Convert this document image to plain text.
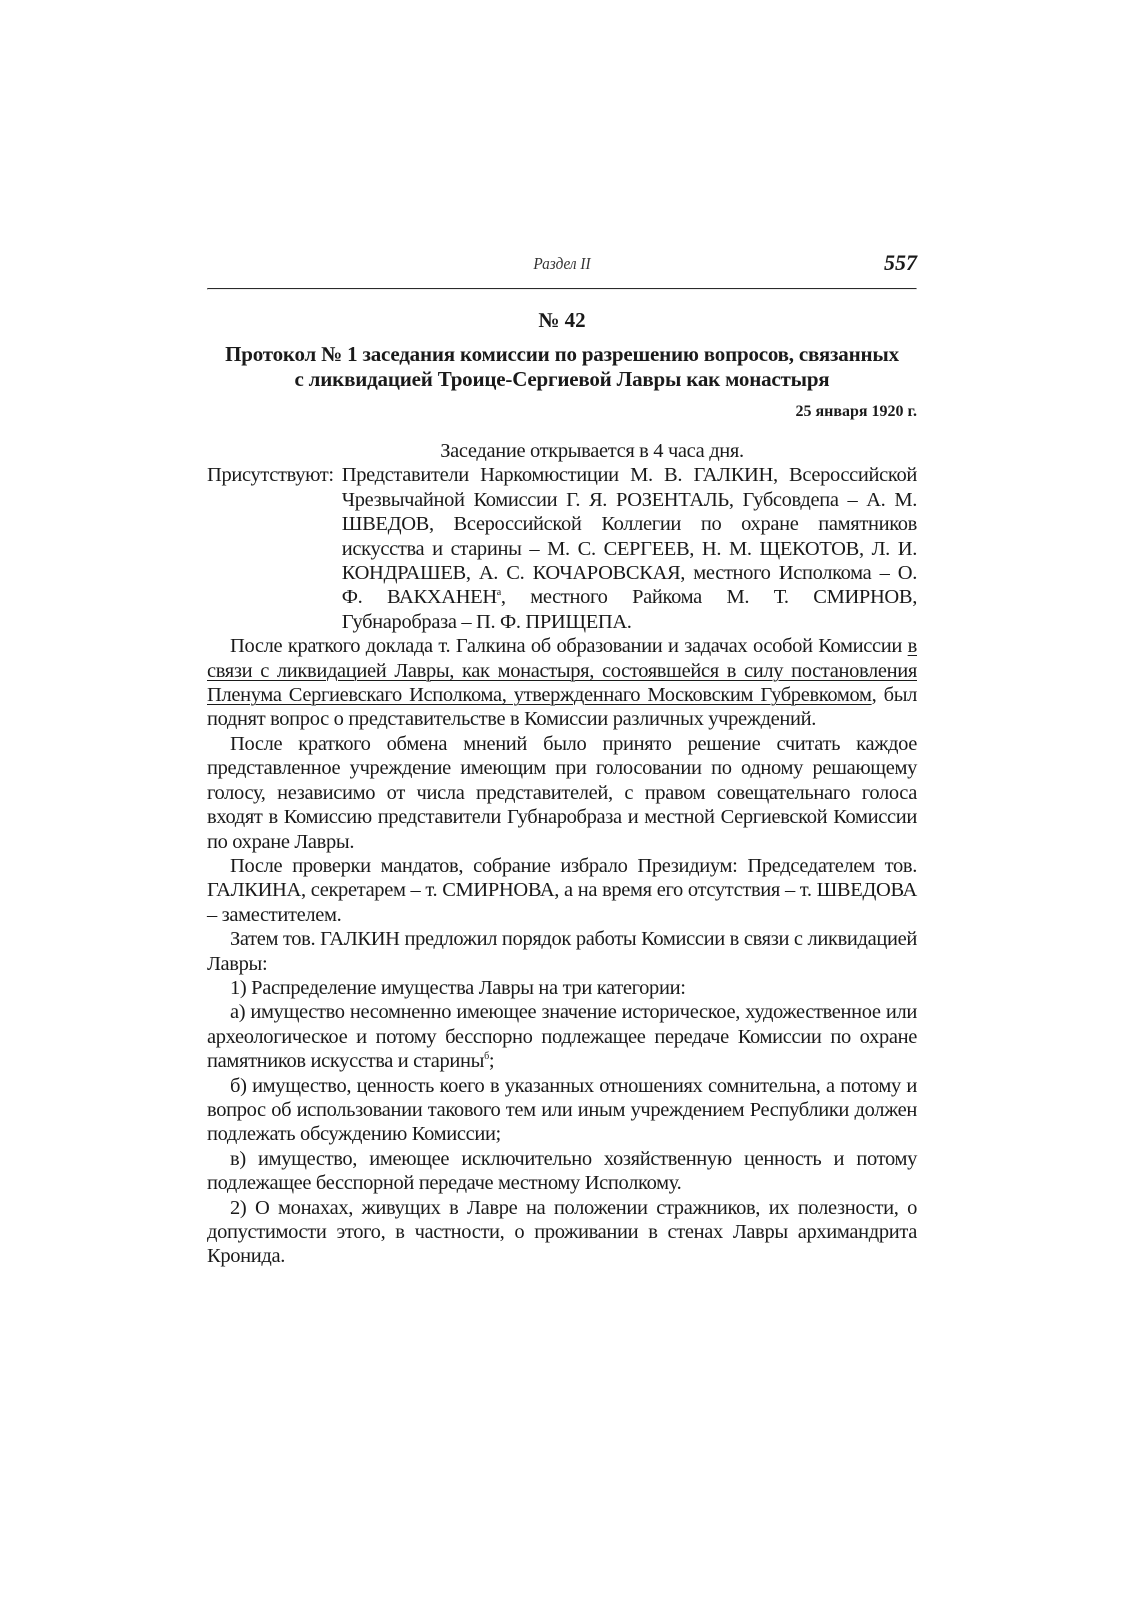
Раздел II	557
№ 42
Протокол № 1 заседания комиссии по разрешению вопросов, связанных
с ликвидацией Троице-Сергиевой Лавры как монастыря
25 января 1920 г.
Заседание открывается в 4 часа дня.
Присутствуют: Представители Наркомюстиции М. В. ГАЛКИН, Всероссийской Чрезвычайной Комиссии Г. Я. РОЗЕНТАЛЬ, Губсовдепа – А. М. ШВЕДОВ, Всероссийской Коллегии по охране памятников искусства и старины – М. С. СЕРГЕЕВ, Н. М. ЩЕКОТОВ, Л. И. КОНДРАШЕВ, А. С. КОЧАРОВСКАЯ, местного Исполкома – О. Ф. $ВАКХАНЕН^а$, местного Райкома М. Т. СМИРНОВ, Губнаробраза – П. Ф. ПРИЩЕПА.

После краткого доклада т. Галкина об образовании и задачах особой Комиссии в связи с ликвидацией Лавры, как монастыря, состоявшейся в силу постановления Пленума Сергиевскаго Исполкома, утвержденнаго Московским Губревкомом, был поднят вопрос о представительстве в Комиссии различных учреждений.

После краткого обмена мнений было принято решение считать каждое представленное учреждение имеющим при голосовании по одному решающему голосу, независимо от числа представителей, с правом совещательнаго голоса входят в Комиссию представители Губнаробраза и местной Сергиевской Комиссии по охране Лавры.

После проверки мандатов, собрание избрало Президиум: Председателем тов. ГАЛКИНА, секретарем – т. СМИРНОВА, а на время его отсутствия – т. ШВЕДОВА – заместителем.

Затем тов. ГАЛКИН предложил порядок работы Комиссии в связи с ликвидацией Лавры:

1) Распределение имущества Лавры на три категории:

а) имущество несомненно имеющее значение историческое, художественное или археологическое и потому бесспорно подлежащее передаче Комиссии по охране памятников искусства и старины$^б$;

б) имущество, ценность коего в указанных отношениях сомнительна, а потому и вопрос об использовании такового тем или иным учреждением Республики должен подлежать обсуждению Комиссии;

в) имущество, имеющее исключительно хозяйственную ценность и потому подлежащее бесспорной передаче местному Исполкому.

2) О монахах, живущих в Лавре на положении стражников, их полезности, о допустимости этого, в частности, о проживании в стенах Лавры архимандрита Кронида.
